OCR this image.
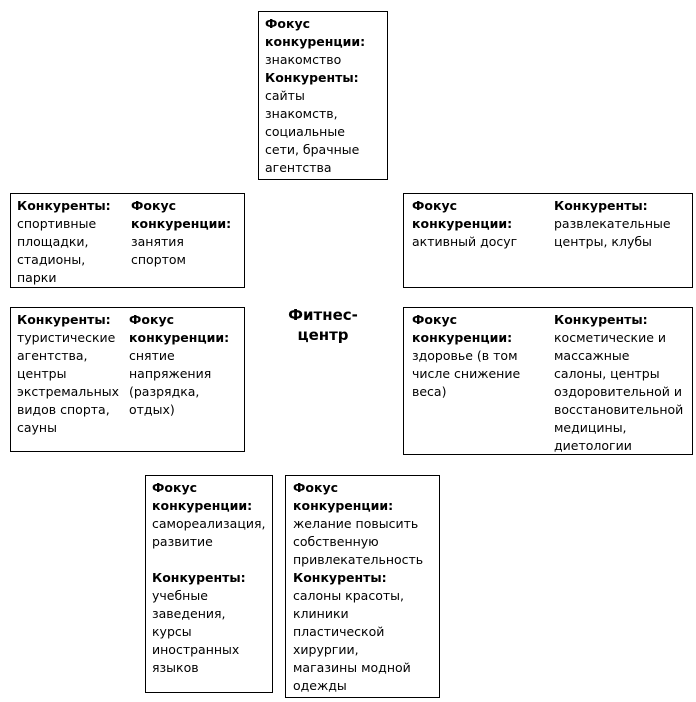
Фокус
конкуренции:
знакомство
Конкуренты:
сайты
знакомств,
социальные
сети, брачные
агентства
Конкуренты:
спортивные
площадки,
стадионы,
парки
Фокус
конкуренции:
занятия
спортом
Фокус
конкуренции:
активный досуг
Конкуренты:
развлекательные
центры, клубы
Фитнес-
центр
Конкуренты:
туристические
агентства,
центры
экстремальных
видов спорта,
сауны
Фокус
конкуренции:
снятие
напряжения
(разрядка,
отдых)
Фокус
конкуренции:
здоровье (в том
числе снижение
веса)
Конкуренты:
косметические и
массажные
салоны, центры
оздоровительной и
восстановительной
медицины,
диетологии
Фокус
конкуренции:
самореализация,
развитие

Конкуренты:
учебные
заведения,
курсы
иностранных
языков
Фокус
конкуренции:
желание повысить
собственную
привлекательность
Конкуренты:
салоны красоты,
клиники
пластической
хирургии,
магазины модной
одежды
